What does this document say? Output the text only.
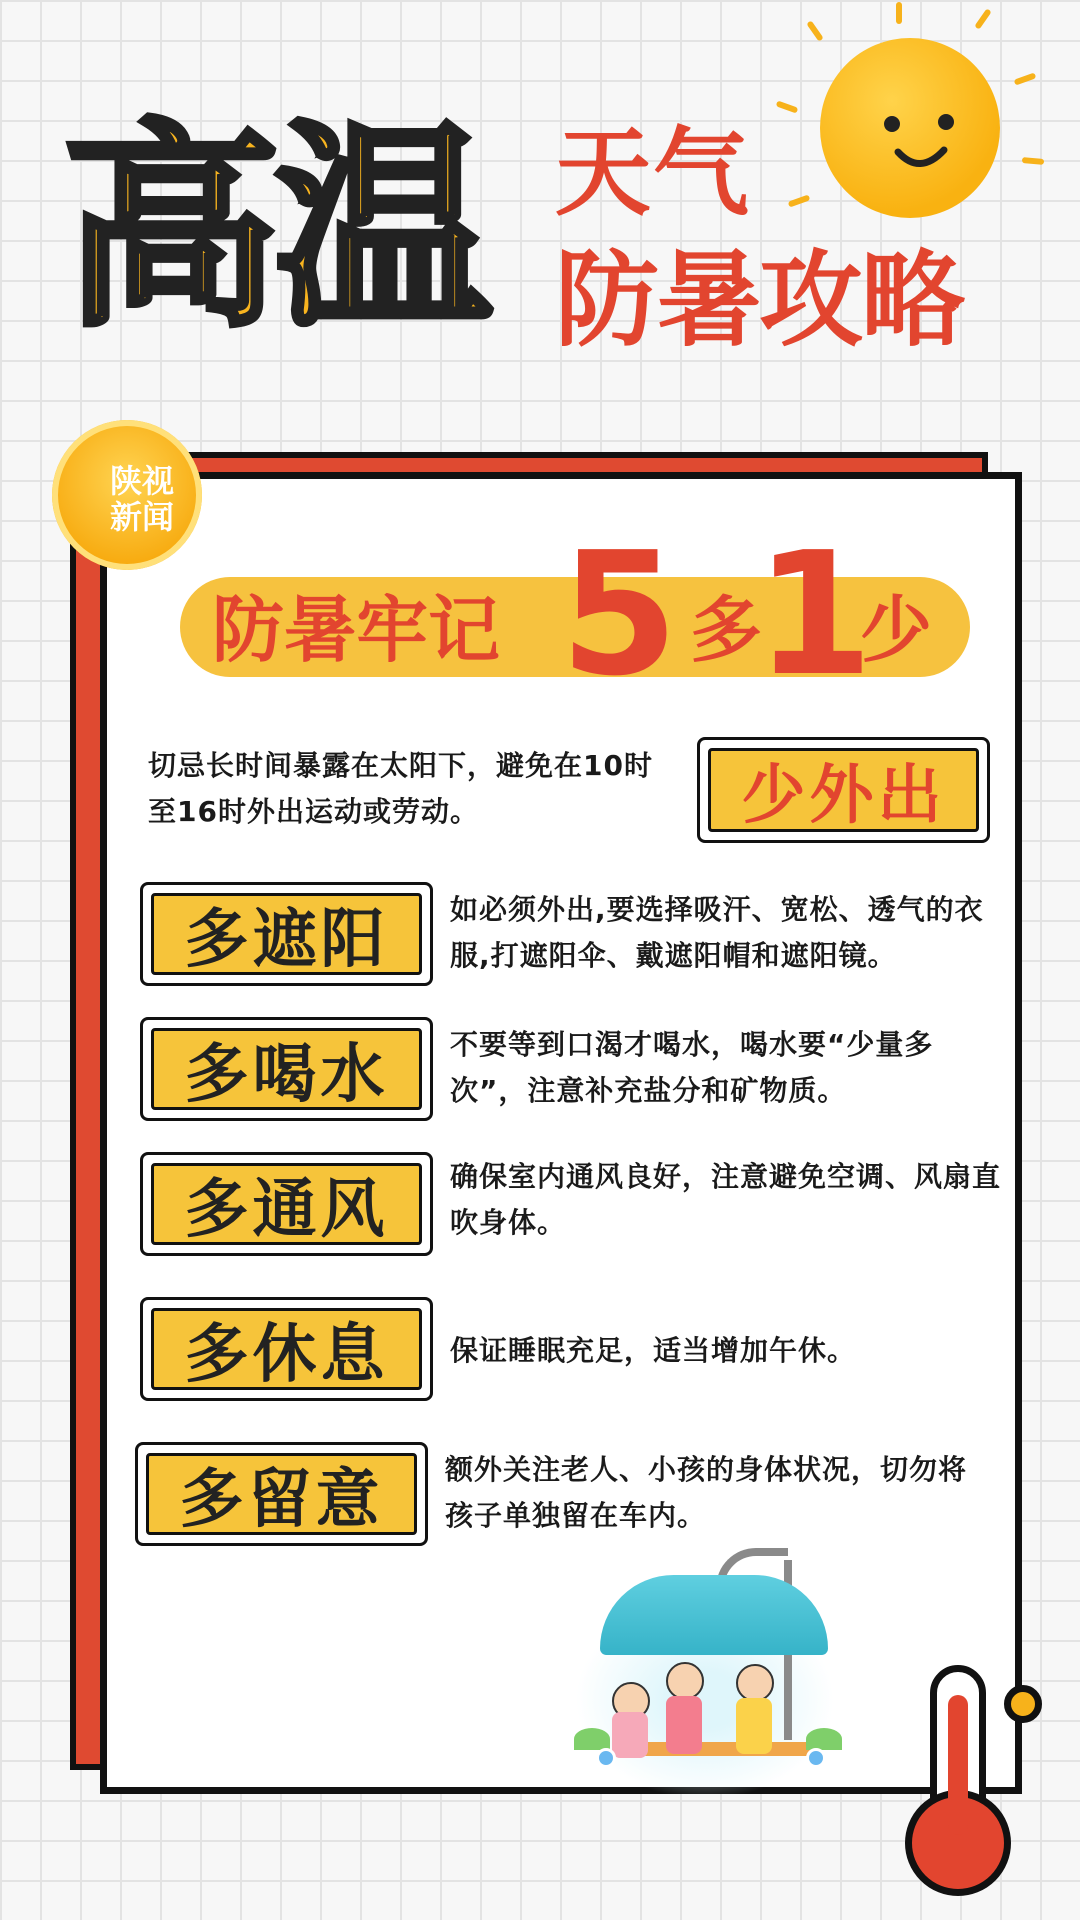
高温 天气
防暑攻略
陕视
新闻
防暑牢记 5 多
1
少
切忌长时间暴露在太阳下，避免在10时至16时外出运动或劳动。	少外出
多遮阳	如必须外出,要选择吸汗、宽松、透气的衣服,打遮阳伞、戴遮阳帽和遮阳镜。
多喝水	不要等到口渴才喝水，喝水要“少量多次”，注意补充盐分和矿物质。
多通风	确保室内通风良好，注意避免空调、风扇直吹身体。
多休息	保证睡眠充足，适当增加午休。
多留意	额外关注老人、小孩的身体状况，切勿将孩子单独留在车内。
